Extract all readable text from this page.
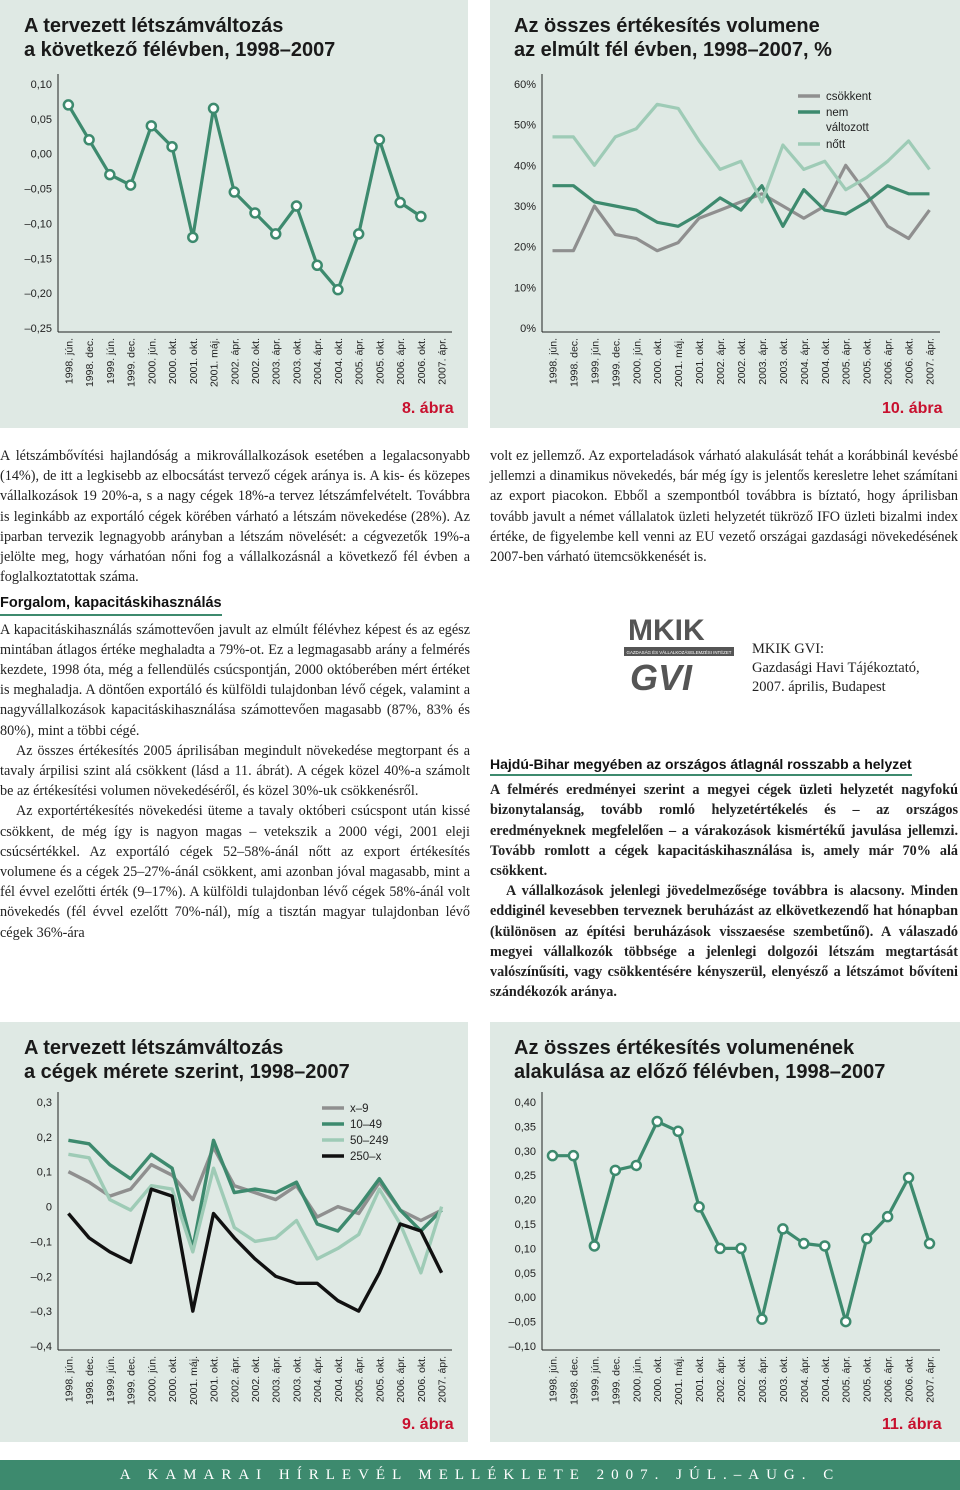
A tervezett létszámváltozás
a következő félévben, 1998–2007
0,10
0,05
0,00
–0,05
–0,10
–0,15
–0,20
–0,25
1998. jún. 1998. dec. 1999. jún. 1999. dec. 2000. jún. 2000. okt. 2001. okt. 2001. máj. 2002. ápr. 2002. okt. 2003. ápr. 2003. okt. 2004. ápr. 2004. okt. 2005. ápr. 2005. okt. 2006. ápr. 2006. okt. 2007. ápr.
8. ábra
Az összes értékesítés volumene
az elmúlt fél évben, 1998–2007, %
60%
50%
40%
30%
20%
10%
0%
1998. jún. 1998. dec. 1999. jún. 1999. dec. 2000. jún. 2000. okt. 2001. máj. 2001. okt. 2002. ápr. 2002. okt. 2003. ápr. 2003. okt. 2004. ápr. 2004. okt. 2005. ápr. 2005. okt. 2006. ápr. 2006. okt. 2007. ápr.
csökkent
nem
változott
nőtt
10. ábra
A tervezett létszámváltozás
a cégek mérete szerint, 1998–2007
0,3
0,2
0,1
0
–0,1
–0,2
–0,3
–0,4
1998. jún. 1998. dec. 1999. jún. 1999. dec. 2000. jún. 2000. okt. 2001. máj. 2001. okt. 2002. ápr. 2002. okt. 2003. ápr. 2003. okt. 2004. ápr. 2004. okt. 2005. ápr. 2005. okt. 2006. ápr. 2006. okt. 2007. ápr.
x–9
10–49
50–249
250–x
9. ábra
Az összes értékesítés volumenének
alakulása az előző félévben, 1998–2007
0,40
0,35
0,30
0,25
0,20
0,15
0,10
0,05
0,00
–0,05
–0,10
1998. jún. 1998. dec. 1999. jún. 1999. dec. 2000. jún. 2000. okt. 2001. máj. 2001. okt. 2002. ápr. 2002. okt. 2003. ápr. 2003. okt. 2004. ápr. 2004. okt. 2005. ápr. 2005. okt. 2006. ápr. 2006. okt. 2007. ápr.
11. ábra

A létszámbővítési hajlandóság a mikrovállalkozások esetében a legalacsonyabb (14%), de itt a legkisebb az elbocsátást tervező cégek aránya is. A kis- és közepes vállalkozások 19 20%-a, s a nagy cégek 18%-a tervez létszámfelvételt. Továbbra is leginkább az exportáló cégek körében várható a létszám növekedése (28%). Az iparban tervezik legnagyobb arányban a létszám növelését: a cégvezetők 19%-a jelölte meg, hogy várhatóan nőni fog a vállalkozásnál a következő fél évben a foglalkoztatottak száma.

Forgalom, kapacitáskihasználás

A kapacitáskihasználás számottevően javult az elmúlt félévhez képest és az egész mintában átlagos értéke meghaladta a 79%-ot. Ez a legmagasabb arány a felmérés kezdete, 1998 óta, még a fellendülés csúcspontján, 2000 októberében mért értéket is meghaladja. A döntően exportáló és külföldi tulajdonban lévő cégek, valamint a nagyvállalkozások kapacitáskihasználása számottevően magasabb (87%, 83% és 80%), mint a többi cégé.

Az összes értékesítés 2005 áprilisában megindult növekedése megtorpant és a tavaly árpilisi szint alá csökkent (lásd a 11. ábrát). A cégek közel 40%-a számolt be az értékesítési volumen növekedéséről, és közel 30%-uk csökkenésről.

Az exportértékesítés növekedési üteme a tavaly októberi csúcspont után kissé csökkent, de még így is nagyon magas – vetekszik a 2000 végi, 2001 eleji csúcsértékkel. Az exportáló cégek 52–58%-ánál nőtt az export értékesítés volumene és a cégek 25–27%-ánál csökkent, ami azonban jóval magasabb, mint a fél évvel ezelőtti érték (9–17%). A külföldi tulajdonban lévő cégek 58%-ánál volt növekedés (fél évvel ezelőtt 70%-nál), míg a tisztán magyar tulajdonban lévő cégek 36%-ára

volt ez jellemző. Az exporteladások várható alakulását tehát a korábbinál kevésbé jellemzi a dinamikus növekedés, bár még így is jelentős keresletre lehet számítani az export piacokon. Ebből a szempontból továbbra is bíztató, hogy áprilisban tovább javult a német vállalatok üzleti helyzetét tükröző IFO üzleti bizalmi index értéke, de figyelembe kell venni az EU vezető országai gazdasági növekedésének 2007-ben várható ütemcsökkenését is.

MKIK
GAZDASÁG ÉS VÁLLALKOZÁSELEMZÉSI INTÉZET
GVI
MKIK GVI:
Gazdasági Havi Tájékoztató,
2007. április, Budapest
Hajdú-Bihar megyében az országos átlagnál rosszabb a helyzet

A felmérés eredményei szerint a megyei cégek üzleti helyzetét nagyfokú bizonytalanság, tovább romló helyzetértékelés és – az országos eredményeknek megfelelően – a várakozások kismértékű javulása jellemzi. Tovább romlott a cégek kapacitáskihasználása is, amely már 70% alá csökkent.

A vállalkozások jelenlegi jövedelmezősége továbbra is alacsony. Minden eddiginél kevesebben terveznek beruházást az elkövetkezendő hat hónapban (különösen az építési beruházások visszaesése szembetűnő). A válaszadó megyei vállalkozók többsége a jelenlegi dolgozói létszám megtartását valószínűsíti, vagy csökkentésére kényszerül, elenyésző a létszámot bővíteni szándékozók aránya.

A KAMARAI HÍRLEVÉL MELLÉKLETE 2007. JÚL.–AUG. C
